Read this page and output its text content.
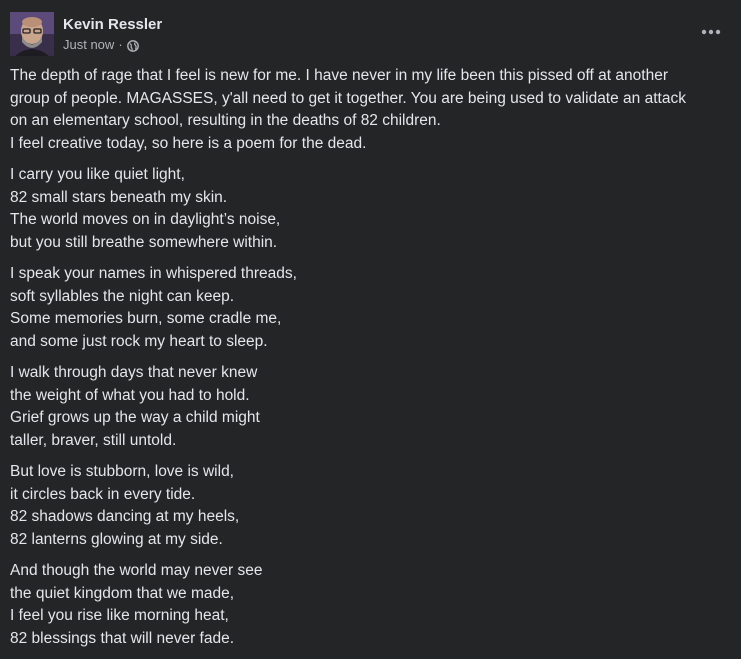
Kevin Ressler
Just now ·
The depth of rage that I feel is new for me. I have never in my life been this pissed off at another
group of people. MAGASSES, y'all need to get it together. You are being used to validate an attack
on an elementary school, resulting in the deaths of 82 children.
I feel creative today, so here is a poem for the dead.
I carry you like quiet light,
82 small stars beneath my skin.
The world moves on in daylight’s noise,
but you still breathe somewhere within.
I speak your names in whispered threads,
soft syllables the night can keep.
Some memories burn, some cradle me,
and some just rock my heart to sleep.
I walk through days that never knew
the weight of what you had to hold.
Grief grows up the way a child might
taller, braver, still untold.
But love is stubborn, love is wild,
it circles back in every tide.
82 shadows dancing at my heels,
82 lanterns glowing at my side.
And though the world may never see
the quiet kingdom that we made,
I feel you rise like morning heat,
82 blessings that will never fade.
